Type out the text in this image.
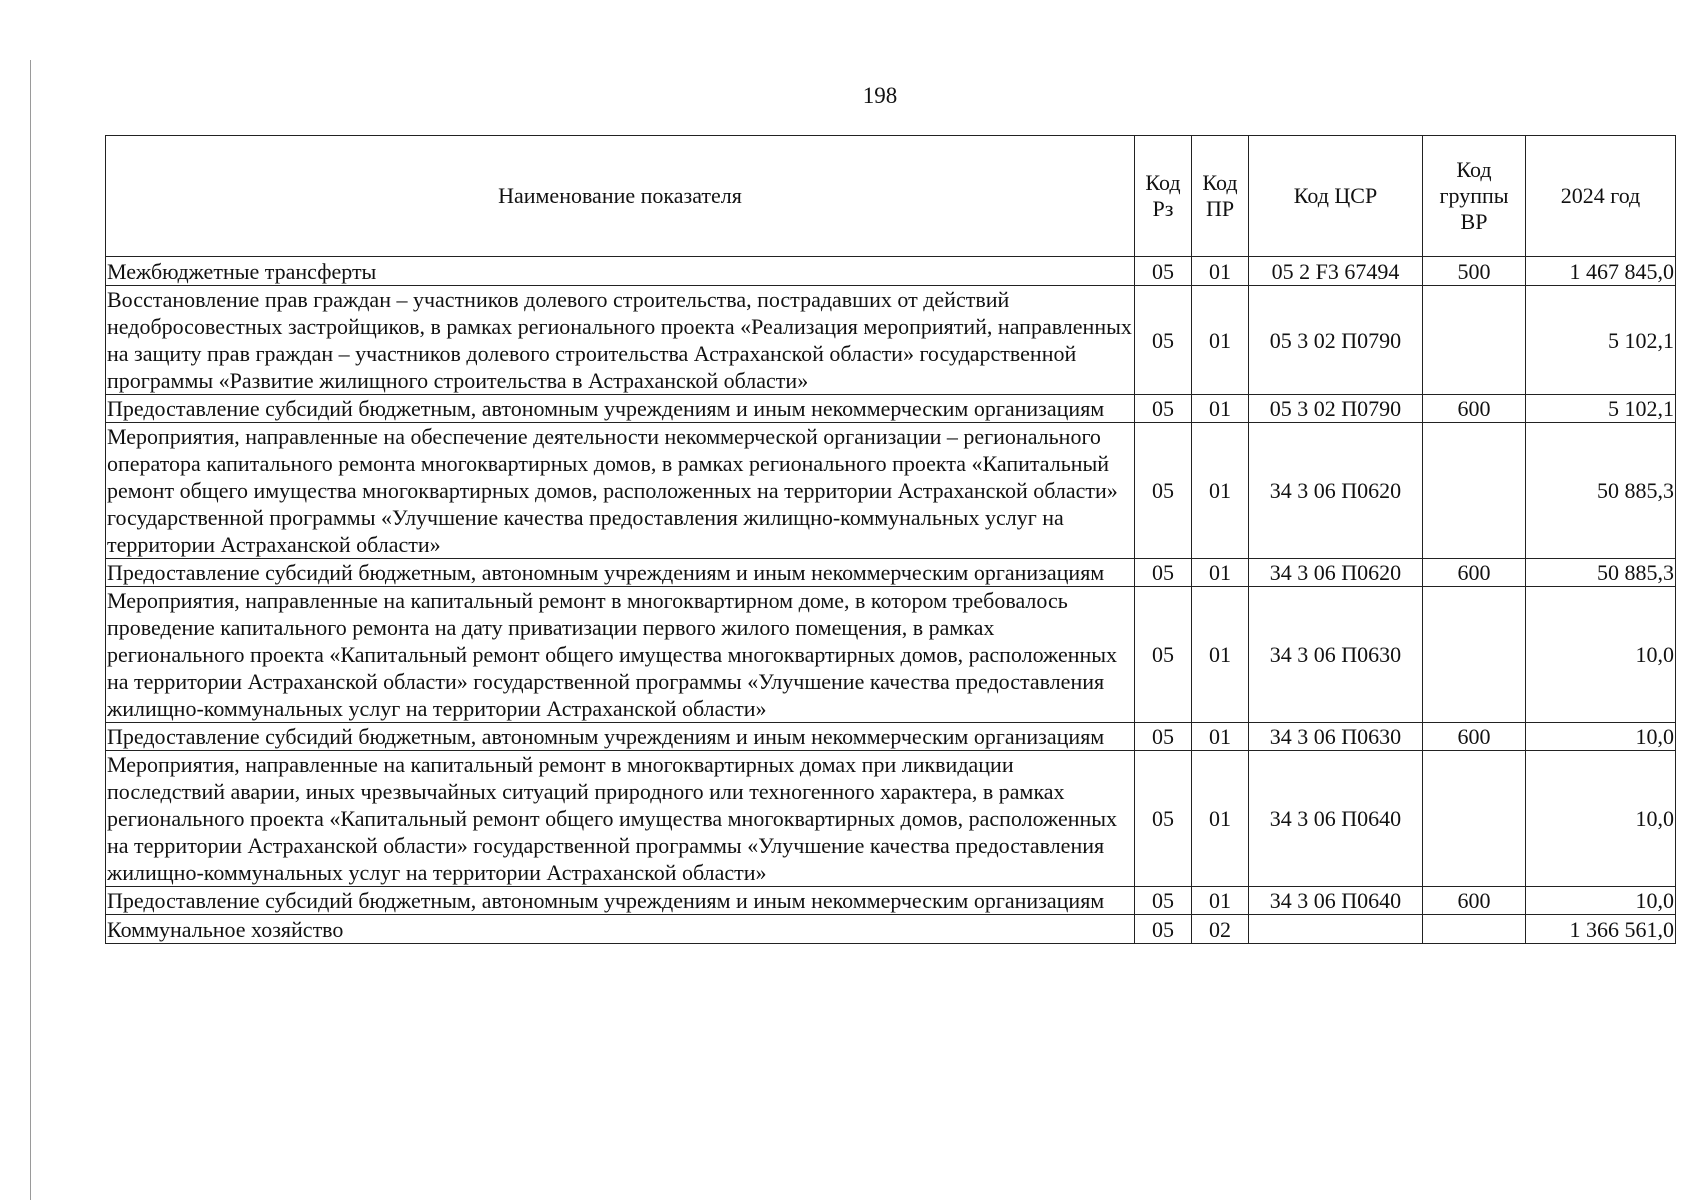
198
Наименование показателя	Код Рз	Код ПР	Код ЦСР	Код группы ВР	2024 год
Межбюджетные трансферты	05	01	05 2 F3 67494	500	1 467 845,0
Восстановление прав граждан – участников долевого строительства, пострадавших от действий недобросовестных застройщиков, в рамках регионального проекта «Реализация мероприятий, направленных на защиту прав граждан – участников долевого строительства Астраханской области» государственной программы «Развитие жилищного строительства в Астраханской области»	05	01	05 3 02 П0790		5 102,1
Предоставление субсидий бюджетным, автономным учреждениям и иным некоммерческим организациям	05	01	05 3 02 П0790	600	5 102,1
Мероприятия, направленные на обеспечение деятельности некоммерческой организации – регионального оператора капитального ремонта многоквартирных домов, в рамках регионального проекта «Капитальный ремонт общего имущества многоквартирных домов, расположенных на территории Астраханской области» государственной программы «Улучшение качества предоставления жилищно-коммунальных услуг на территории Астраханской области»	05	01	34 3 06 П0620		50 885,3
Предоставление субсидий бюджетным, автономным учреждениям и иным некоммерческим организациям	05	01	34 3 06 П0620	600	50 885,3
Мероприятия, направленные на капитальный ремонт в многоквартирном доме, в котором требовалось проведение капитального ремонта на дату приватизации первого жилого помещения, в рамках регионального проекта «Капитальный ремонт общего имущества многоквартирных домов, расположенных на территории Астраханской области» государственной программы «Улучшение качества предоставления жилищно-коммунальных услуг на территории Астраханской области»	05	01	34 3 06 П0630		10,0
Предоставление субсидий бюджетным, автономным учреждениям и иным некоммерческим организациям	05	01	34 3 06 П0630	600	10,0
Мероприятия, направленные на капитальный ремонт в многоквартирных домах при ликвидации последствий аварии, иных чрезвычайных ситуаций природного или техногенного характера, в рамках регионального проекта «Капитальный ремонт общего имущества многоквартирных домов, расположенных на территории Астраханской области» государственной программы «Улучшение качества предоставления жилищно-коммунальных услуг на территории Астраханской области»	05	01	34 3 06 П0640		10,0
Предоставление субсидий бюджетным, автономным учреждениям и иным некоммерческим организациям	05	01	34 3 06 П0640	600	10,0
Коммунальное хозяйство	05	02			1 366 561,0
